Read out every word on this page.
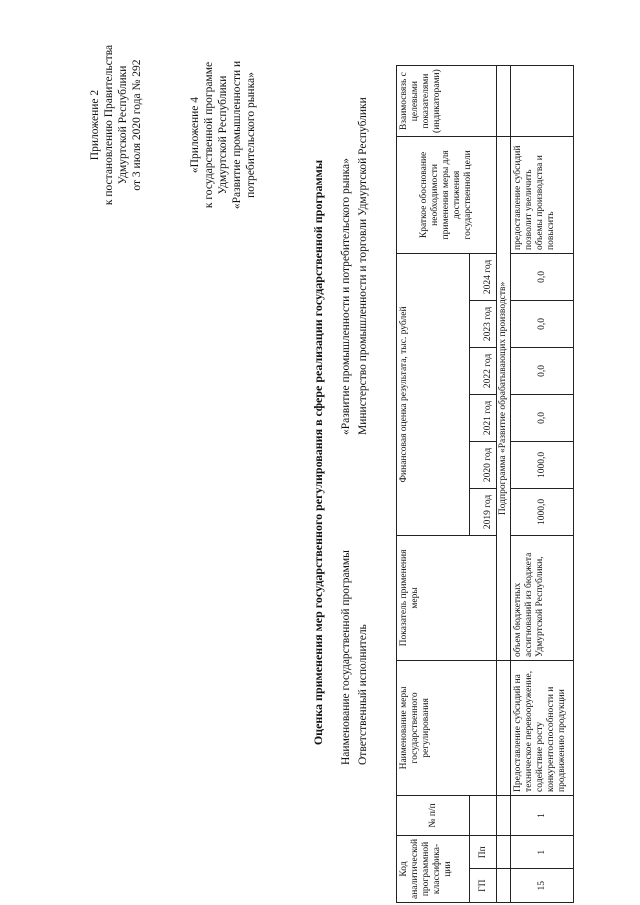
Приложение 2 к постановлению Правительства Удмуртской Республики от 3 июля 2020 года № 292	«Приложение 4 к государственной программе Удмуртской Республики «Развитие промышленности и потребительского рынка»
Оценка применения мер государственного регулирования в сфере реализации государственной программы Наименование государственной программы
«Развитие промышленности и потребительского рынка»
Ответственный исполнитель
Министерство промышленности и торговли Удмуртской Республики
Код аналитической программной классифика-ции		№ п/п	Наименование меры государственного регулирования	Показатель применения меры	Финансовая оценка результата, тыс. рублей						Краткое обоснование необходимости применения меры для достижения государственной цели	Взаимосвязь с целевыми показателями (индикаторами)
ГП	Пп				2019 год	2020 год	2021 год	2022 год	2023 год	2024 год		

				Подпрограмма «Развитие обрабатывающих производств»								
15	1	1	Предоставление субсидий на техническое перевооружение, содействие росту конкурентоспособности и продвижению продукции	объем бюджетных ассигнований из бюджета Удмуртской Республики,	1000,0	1000,0	0,0	0,0	0,0	0,0	предоставление субсидий позволит увеличить объемы производства и повысить	
